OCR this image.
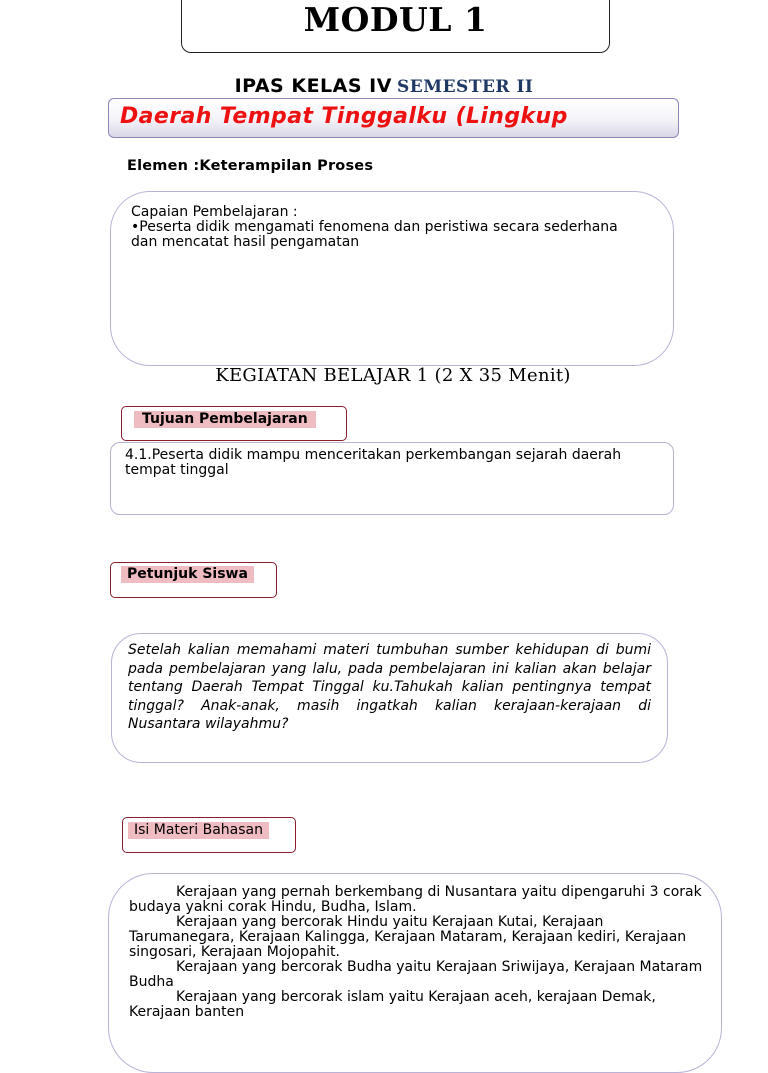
MODUL 1
IPAS KELAS IV SEMESTER II
Daerah Tempat Tinggalku (Lingkup
Elemen :Keterampilan Proses
Capaian Pembelajaran :
•Peserta didik mengamati fenomena dan peristiwa secara sederhana
dan mencatat hasil pengamatan
KEGIATAN BELAJAR 1 (2 X 35 Menit)
Tujuan Pembelajaran
4.1.Peserta didik mampu menceritakan perkembangan sejarah daerah
tempat tinggal
Petunjuk Siswa
Setelah kalian memahami materi tumbuhan sumber kehidupan di bumi pada pembelajaran yang lalu, pada pembelajaran ini kalian akan belajar tentang Daerah Tempat Tinggal ku.Tahukah kalian pentingnya tempat tinggal? Anak-anak, masih ingatkah kalian kerajaan-kerajaan di Nusantara wilayahmu?
Isi Materi Bahasan

Kerajaan yang pernah berkembang di Nusantara yaitu dipengaruhi 3 corak budaya yakni corak Hindu, Budha, Islam.

Kerajaan yang bercorak Hindu yaitu Kerajaan Kutai, Kerajaan Tarumanegara, Kerajaan Kalingga, Kerajaan Mataram, Kerajaan kediri, Kerajaan singosari, Kerajaan Mojopahit.

Kerajaan yang bercorak Budha yaitu Kerajaan Sriwijaya, Kerajaan Mataram Budha

Kerajaan yang bercorak islam yaitu Kerajaan aceh, kerajaan Demak, Kerajaan banten
